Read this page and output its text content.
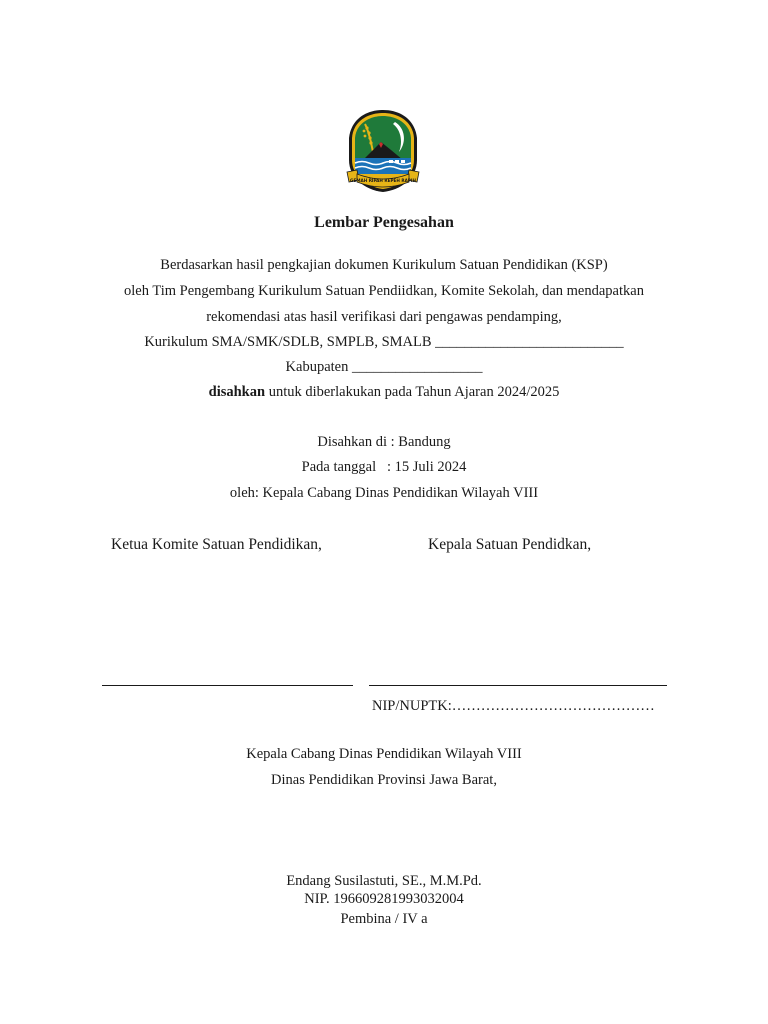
GEMAH RIPAH REPEH RAPIH
Lembar Pengesahan
Berdasarkan hasil pengkajian dokumen Kurikulum Satuan Pendidikan (KSP)
oleh Tim Pengembang Kurikulum Satuan Pendiidkan, Komite Sekolah, dan mendapatkan
rekomendasi atas hasil verifikasi dari pengawas pendamping,
Kurikulum SMA/SMK/SDLB, SMPLB, SMALB __________________________
Kabupaten __________________
disahkan untuk diberlakukan pada Tahun Ajaran 2024/2025
Disahkan di : Bandung
Pada tanggal   : 15 Juli 2024
oleh: Kepala Cabang Dinas Pendidikan Wilayah VIII
Ketua Komite Satuan Pendidikan,	Kepala Satuan Pendidkan,
NIP/NUPTK:……………………………………
Kepala Cabang Dinas Pendidikan Wilayah VIII
Dinas Pendidikan Provinsi Jawa Barat,
Endang Susilastuti, SE., M.M.Pd.
NIP. 196609281993032004
Pembina / IV a
